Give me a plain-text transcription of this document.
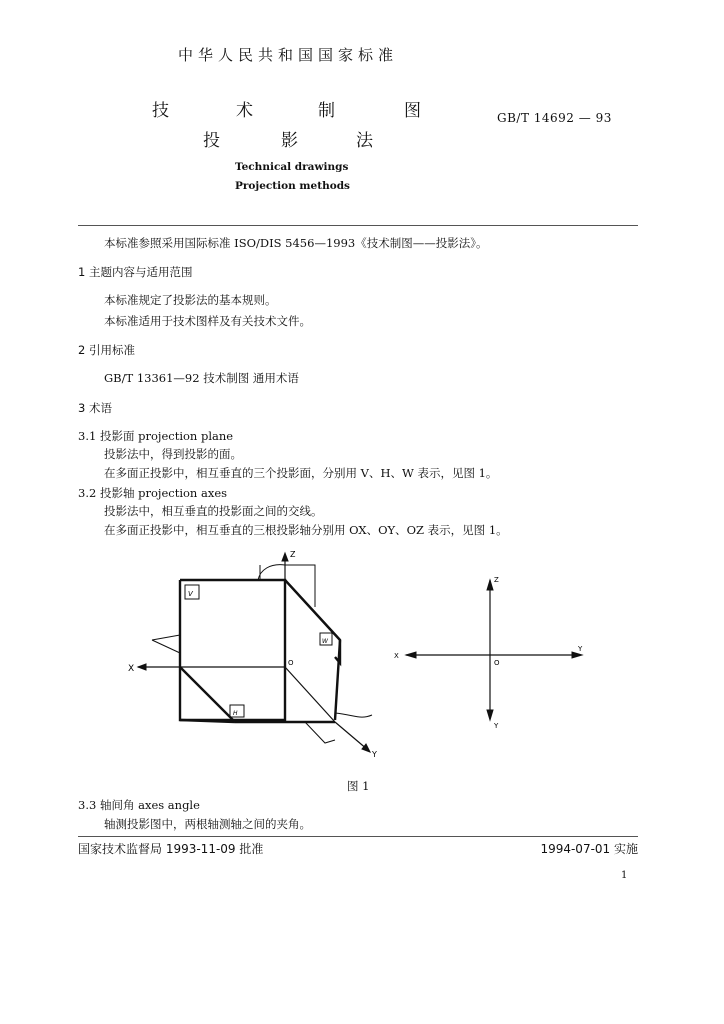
中华人民共和国国家标准
技	术	制	图
投	影	法
GB/T 14692 — 93
Technical drawings
Projection methods
本标准参照采用国际标准 ISO/DIS 5456—1993《技术制图——投影法》。
1 主题内容与适用范围
本标准规定了投影法的基本规则。
本标准适用于技术图样及有关技术文件。
2 引用标准
GB/T 13361—92 技术制图 通用术语
3 术语
3.1 投影面 projection plane
投影法中，得到投影的面。
在多面正投影中，相互垂直的三个投影面，分别用 V、H、W 表示，见图 1。
3.2 投影轴 projection axes
投影法中，相互垂直的投影面之间的交线。
在多面正投影中，相互垂直的三根投影轴分别用 OX、OY、OZ 表示，见图 1。
Z
X
Y
O
V
W
H
Z
X
Y
Y
O
图 1
3.3 轴间角 axes angle
轴测投影图中，两根轴测轴之间的夹角。
国家技术监督局 1993-11-09 批准	1994-07-01 实施
1
